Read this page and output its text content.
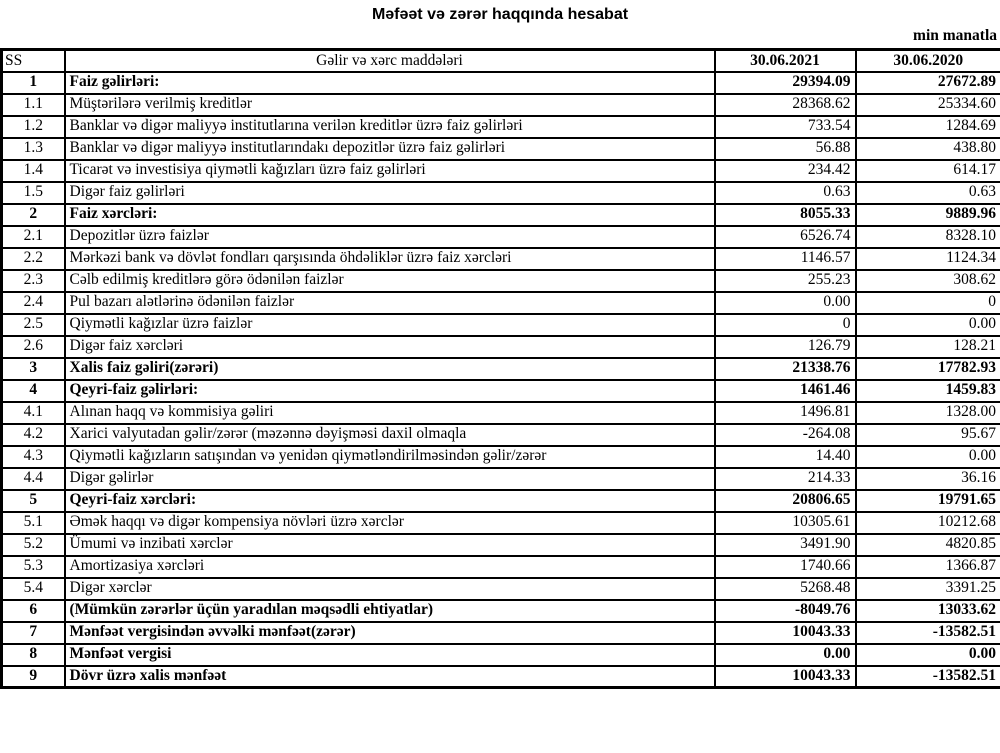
Məfəət və zərər haqqında hesabat
min manatla
SS	Gəlir və xərc maddələri	30.06.2021	30.06.2020
1	Faiz gəlirləri:	29394.09	27672.89
1.1	Müştərilərə verilmiş kreditlər	28368.62	25334.60
1.2	Banklar və digər maliyyə institutlarına verilən kreditlər üzrə faiz gəlirləri	733.54	1284.69
1.3	Banklar və digər maliyyə institutlarındakı depozitlər üzrə faiz gəlirləri	56.88	438.80
1.4	Ticarət və investisiya qiymətli kağızları üzrə faiz gəlirləri	234.42	614.17
1.5	Digər faiz gəlirləri	0.63	0.63
2	Faiz xərcləri:	8055.33	9889.96
2.1	Depozitlər üzrə faizlər	6526.74	8328.10
2.2	Mərkəzi bank və dövlət fondları qarşısında öhdəliklər üzrə faiz xərcləri	1146.57	1124.34
2.3	Cəlb edilmiş kreditlərə görə ödənilən faizlər	255.23	308.62
2.4	Pul bazarı alətlərinə ödənilən faizlər	0.00	0
2.5	Qiymətli kağızlar üzrə faizlər	0	0.00
2.6	Digər faiz xərcləri	126.79	128.21
3	Xalis faiz gəliri(zərəri)	21338.76	17782.93
4	Qeyri-faiz gəlirləri:	1461.46	1459.83
4.1	Alınan haqq və kommisiya gəliri	1496.81	1328.00
4.2	Xarici valyutadan gəlir/zərər (məzənnə dəyişməsi daxil olmaqla	-264.08	95.67
4.3	Qiymətli kağızların satışından və yenidən qiymətləndirilməsindən gəlir/zərər	14.40	0.00
4.4	Digər gəlirlər	214.33	36.16
5	Qeyri-faiz xərcləri:	20806.65	19791.65
5.1	Əmək haqqı və digər kompensiya növləri üzrə xərclər	10305.61	10212.68
5.2	Ümumi və inzibati xərclər	3491.90	4820.85
5.3	Amortizasiya xərcləri	1740.66	1366.87
5.4	Digər xərclər	5268.48	3391.25
6	(Mümkün zərərlər üçün yaradılan məqsədli ehtiyatlar)	-8049.76	13033.62
7	Mənfəət vergisindən əvvəlki mənfəət(zərər)	10043.33	-13582.51
8	Mənfəət vergisi	0.00	0.00
9	Dövr üzrə xalis mənfəət	10043.33	-13582.51
